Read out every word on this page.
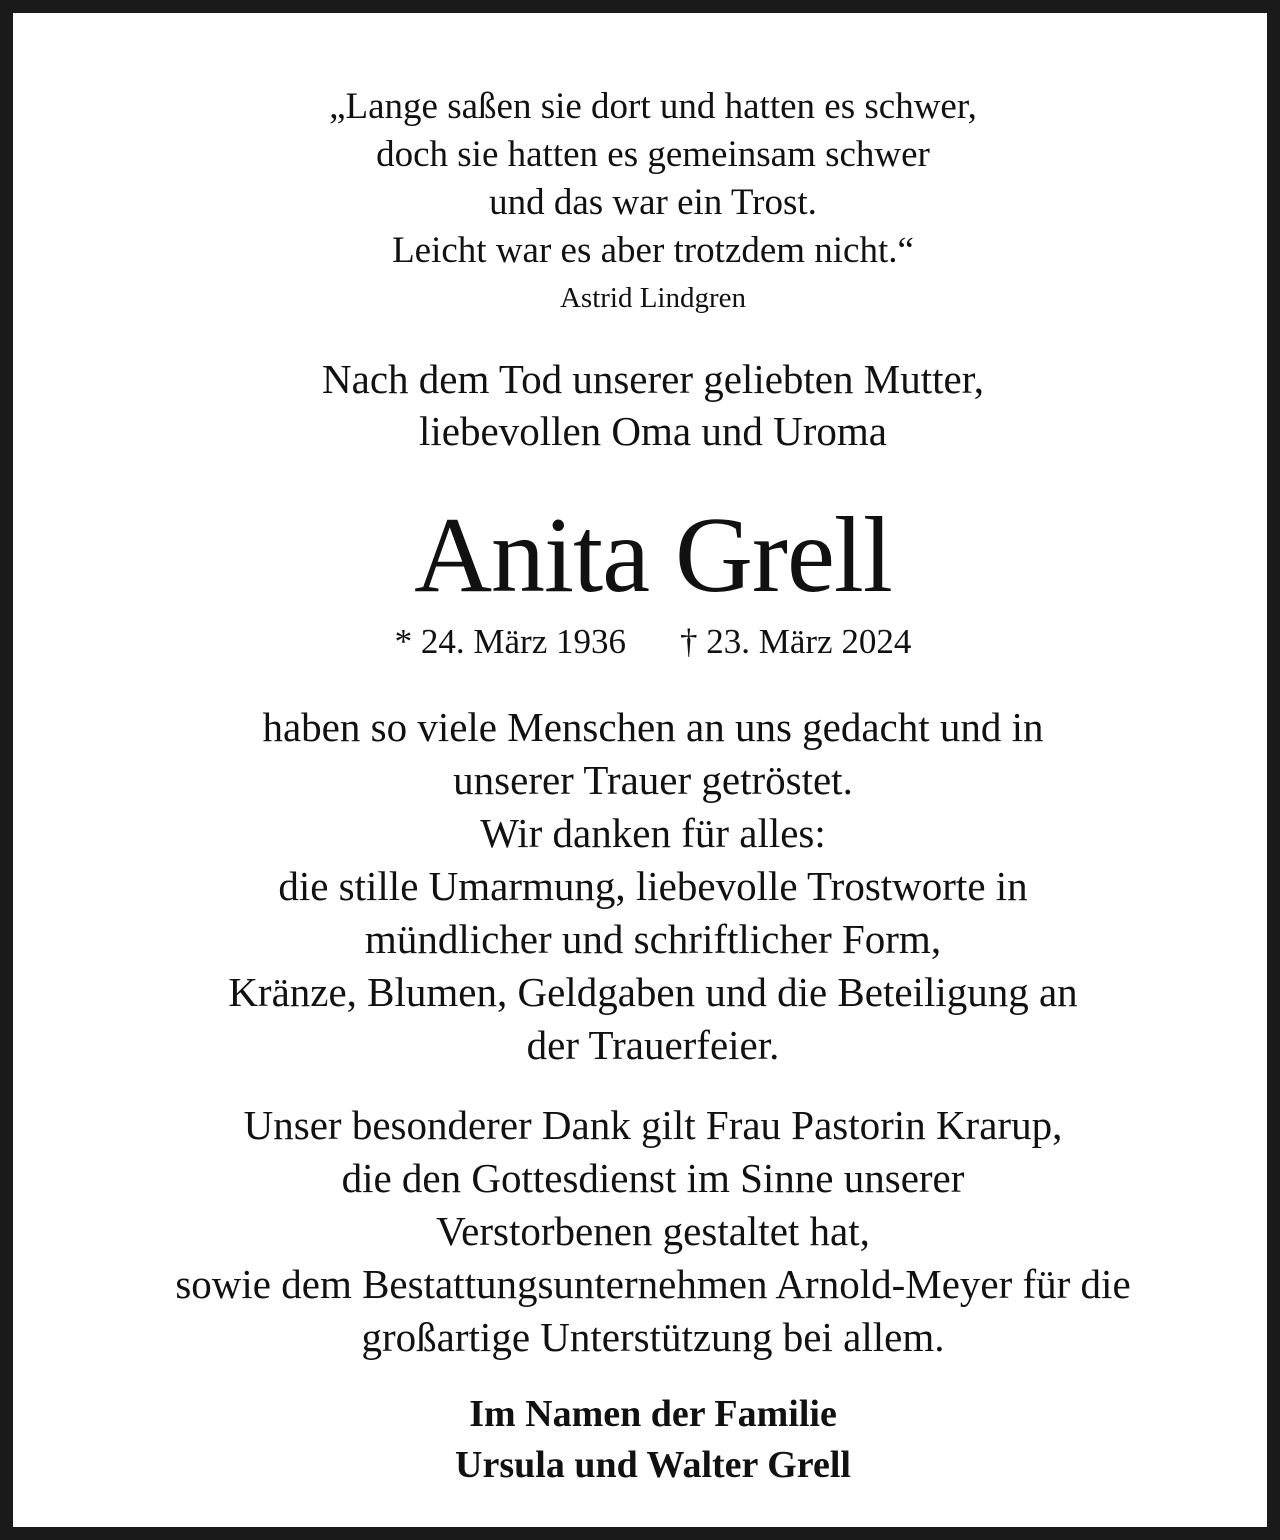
„Lange saßen sie dort und hatten es schwer,
doch sie hatten es gemeinsam schwer
und das war ein Trost.
Leicht war es aber trotzdem nicht.“
Astrid Lindgren
Nach dem Tod unserer geliebten Mutter,
liebevollen Oma und Uroma
Anita Grell
* 24. März 1936 † 23. März 2024
haben so viele Menschen an uns gedacht und in
unserer Trauer getröstet.
Wir danken für alles:
die stille Umarmung, liebevolle Trostworte in
mündlicher und schriftlicher Form,
Kränze, Blumen, Geldgaben und die Beteiligung an
der Trauerfeier.
Unser besonderer Dank gilt Frau Pastorin Krarup,
die den Gottesdienst im Sinne unserer
Verstorbenen gestaltet hat,
sowie dem Bestattungsunternehmen Arnold-Meyer für die
großartige Unterstützung bei allem.
Im Namen der Familie
Ursula und Walter Grell
